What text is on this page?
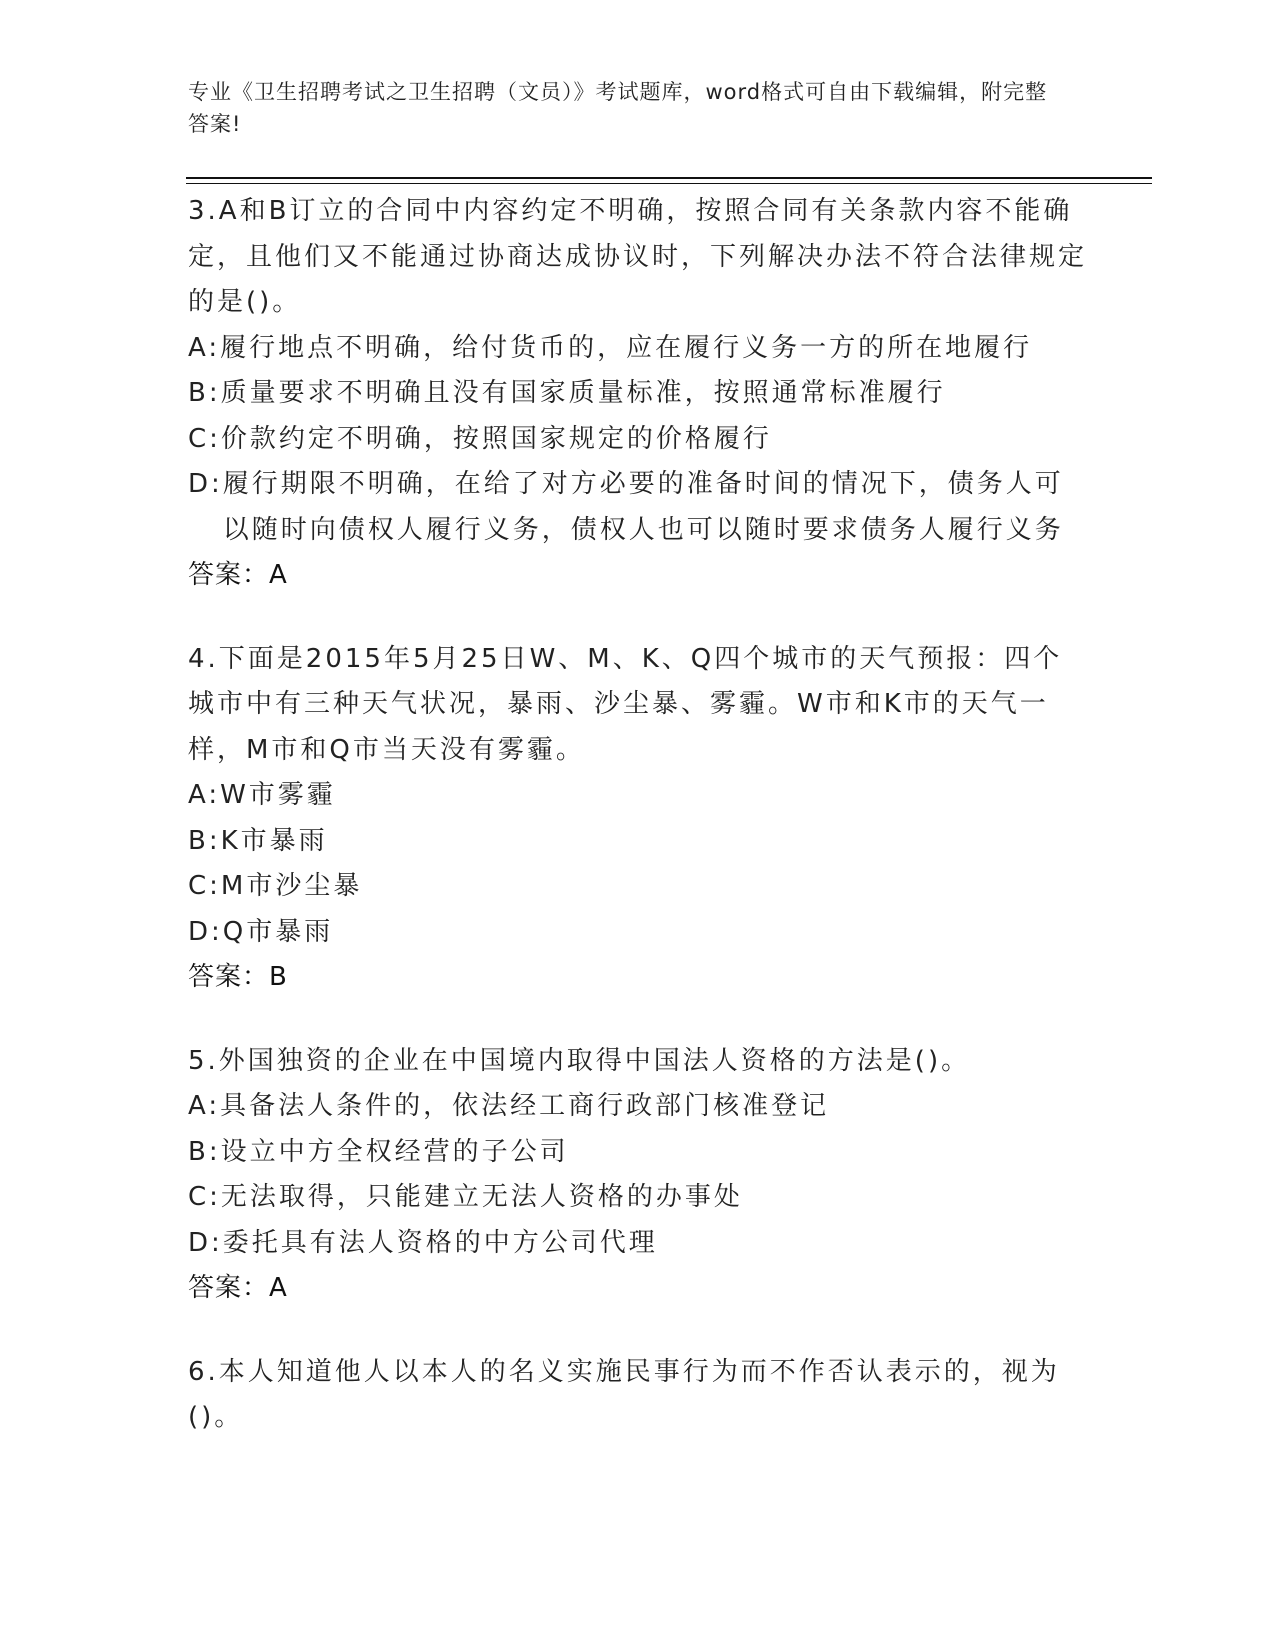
专业《卫生招聘考试之卫生招聘（文员）》考试题库，word格式可自由下载编辑，附完整答案!

3.A和B订立的合同中内容约定不明确，按照合同有关条款内容不能确定，且他们又不能通过协商达成协议时，下列解决办法不符合法律规定的是()。

A: 履行地点不明确，给付货币的，应在履行义务一方的所在地履行
B: 质量要求不明确且没有国家质量标准，按照通常标准履行
C: 价款约定不明确，按照国家规定的价格履行
D: 履行期限不明确，在给了对方必要的准备时间的情况下，债务人可以随时向债权人履行义务，债权人也可以随时要求债务人履行义务

答案：A

4.下面是2015年5月25日W、M、K、Q四个城市的天气预报：四个城市中有三种天气状况，暴雨、沙尘暴、雾霾。W市和K市的天气一样，M市和Q市当天没有雾霾。

A: W市雾霾
B: K市暴雨
C: M市沙尘暴
D: Q市暴雨

答案：B

5.外国独资的企业在中国境内取得中国法人资格的方法是()。

A: 具备法人条件的，依法经工商行政部门核准登记
B: 设立中方全权经营的子公司
C: 无法取得，只能建立无法人资格的办事处
D: 委托具有法人资格的中方公司代理

答案：A

6.本人知道他人以本人的名义实施民事行为而不作否认表示的，视为()。
